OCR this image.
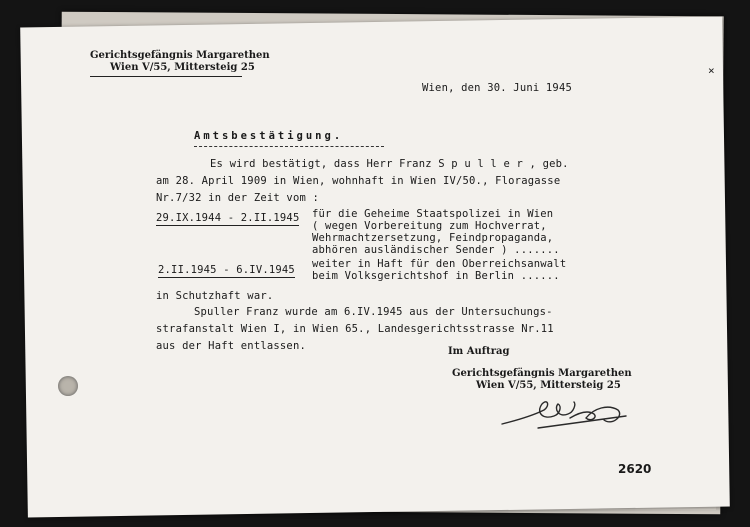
Gerichtsgefängnis Margarethen
Wien V/55, Mittersteig 25
Wien, den 30. Juni 1945
Amtsbestätigung.
Es wird bestätigt, dass Herr Franz S p u l l e r , geb.
am 28. April 1909 in Wien, wohnhaft in Wien IV/50., Floragasse
Nr.7/32 in der Zeit vom :
29.IX.1944 - 2.II.1945 für die Geheime Staatspolizei in Wien
( wegen Vorbereitung zum Hochverrat,
Wehrmachtzersetzung, Feindpropaganda,
abhören ausländischer Sender ) .......
2.II.1945 - 6.IV.1945 weiter in Haft für den Oberreichsanwalt
beim Volksgerichtshof in Berlin ......
in Schutzhaft war.
Spuller Franz wurde am 6.IV.1945 aus der Untersuchungs-
strafanstalt Wien I, in Wien 65., Landesgerichtsstrasse Nr.11
aus der Haft entlassen.	Im Auftrag
Gerichtsgefängnis Margarethen
Wien V/55, Mittersteig 25
2620
×
